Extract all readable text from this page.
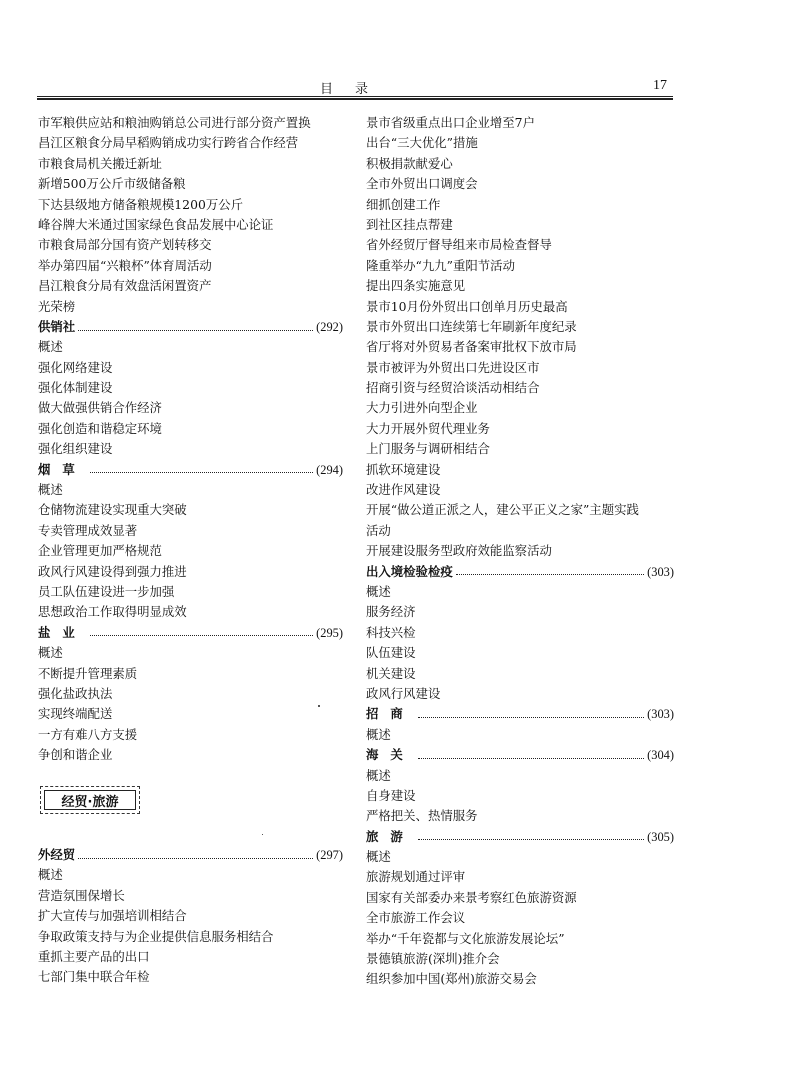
目录	17
市军粮供应站和粮油购销总公司进行部分资产置换
昌江区粮食分局早稻购销成功实行跨省合作经营
市粮食局机关搬迁新址
新增500万公斤市级储备粮
下达县级地方储备粮规模1200万公斤
峰谷牌大米通过国家绿色食品发展中心论证
市粮食局部分国有资产划转移交
举办第四届“兴粮杯”体育周活动
昌江粮食分局有效盘活闲置资产
光荣榜
供销社	(292)
概述
强化网络建设
强化体制建设
做大做强供销合作经济
强化创造和谐稳定环境
强化组织建设
烟草	(294)
概述
仓储物流建设实现重大突破
专卖管理成效显著
企业管理更加严格规范
政风行风建设得到强力推进
员工队伍建设进一步加强
思想政治工作取得明显成效
盐业	(295)
概述
不断提升管理素质
强化盐政执法
实现终端配送
一方有难八方支援
争创和谐企业
经贸·旅游
外经贸	(297)
概述
营造氛围保增长
扩大宣传与加强培训相结合
争取政策支持与为企业提供信息服务相结合
重抓主要产品的出口
七部门集中联合年检
景市省级重点出口企业增至7户
出台“三大优化”措施
积极捐款献爱心
全市外贸出口调度会
细抓创建工作
到社区挂点帮建
省外经贸厅督导组来市局检查督导
隆重举办“九九”重阳节活动
提出四条实施意见
景市10月份外贸出口创单月历史最高
景市外贸出口连续第七年刷新年度纪录
省厅将对外贸易者备案审批权下放市局
景市被评为外贸出口先进设区市
招商引资与经贸洽谈活动相结合
大力引进外向型企业
大力开展外贸代理业务
上门服务与调研相结合
抓软环境建设
改进作风建设
开展“做公道正派之人，建公平正义之家”主题实践
活动
开展建设服务型政府效能监察活动
出入境检验检疫	(303)
概述
服务经济
科技兴检
队伍建设
机关建设
政风行风建设
招商	(303)
概述
海关	(304)
概述
自身建设
严格把关、热情服务
旅游	(305)
概述
旅游规划通过评审
国家有关部委办来景考察红色旅游资源
全市旅游工作会议
举办“千年瓷都与文化旅游发展论坛”
景德镇旅游(深圳)推介会
组织参加中国(郑州)旅游交易会
